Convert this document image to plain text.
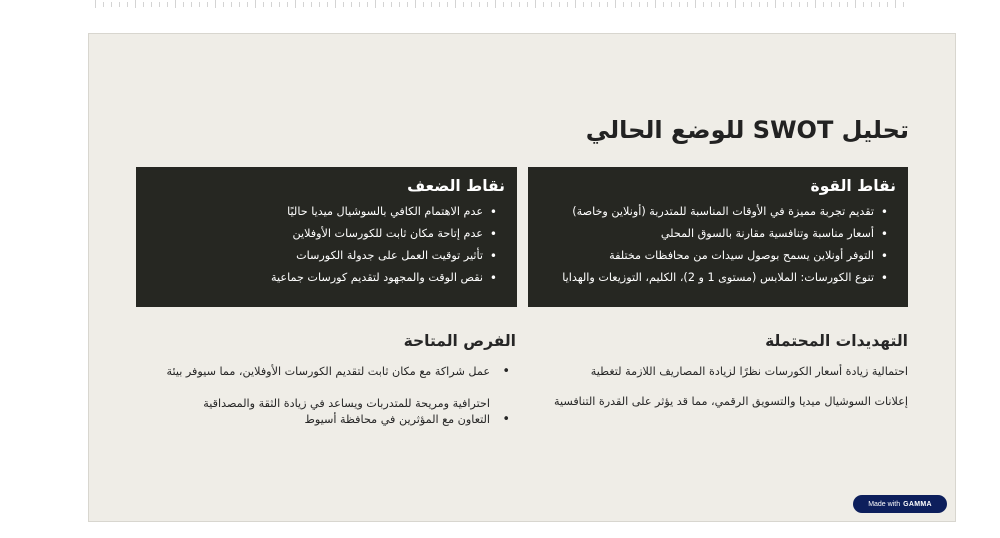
تحليل SWOT للوضع الحالي
نقاط القوة
• تقديم تجربة مميزة في الأوقات المناسبة للمتدربة (أونلاين وخاصة)
• أسعار مناسبة وتنافسية مقارنة بالسوق المحلي
• التوفر أونلاين يسمح بوصول سيدات من محافظات مختلفة
• تنوع الكورسات: الملابس (مستوى 1 و 2)، الكليم، التوزيعات والهدايا
نقاط الضعف
• عدم الاهتمام الكافي بالسوشيال ميديا حاليًا
• عدم إتاحة مكان ثابت للكورسات الأوفلاين
• تأثير توقيت العمل على جدولة الكورسات
• نقص الوقت والمجهود لتقديم كورسات جماعية
التهديدات المحتملة

احتمالية زيادة أسعار الكورسات نظرًا لزيادة المصاريف اللازمة لتغطية

إعلانات السوشيال ميديا والتسويق الرقمي، مما قد يؤثر على القدرة التنافسية

الفرص المتاحة
• عمل شراكة مع مكان ثابت لتقديم الكورسات الأوفلاين، مما سيوفر بيئة

احترافية ومريحة للمتدربات ويساعد في زيادة الثقة والمصداقية
• التعاون مع المؤثرين في محافظة أسيوط
Made with GAMMA
